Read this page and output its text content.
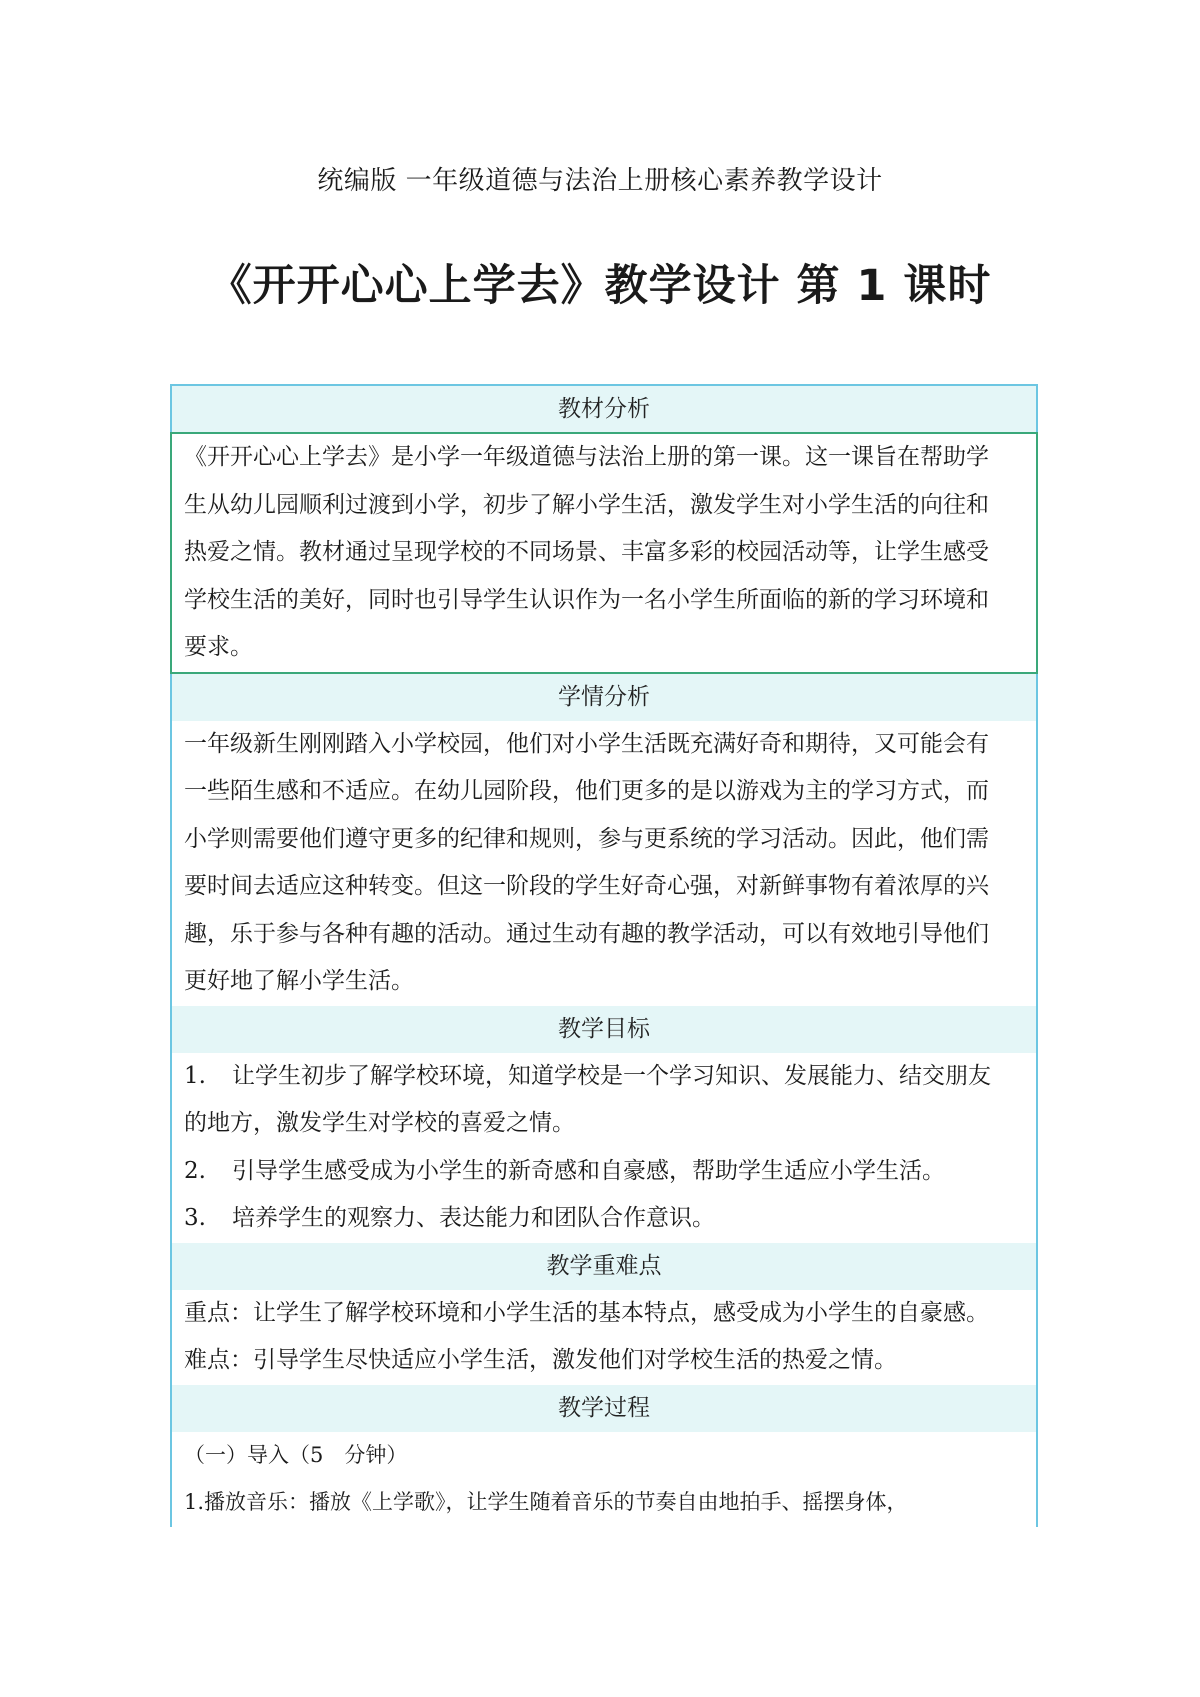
统编版 一年级道德与法治上册核心素养教学设计
《开开心心上学去》教学设计 第 1 课时
教材分析

《开开心心上学去》是小学一年级道德与法治上册的第一课。这一课旨在帮助学

生从幼儿园顺利过渡到小学，初步了解小学生活，激发学生对小学生活的向往和

热爱之情。教材通过呈现学校的不同场景、丰富多彩的校园活动等，让学生感受

学校生活的美好，同时也引导学生认识作为一名小学生所面临的新的学习环境和

要求。

学情分析

一年级新生刚刚踏入小学校园，他们对小学生活既充满好奇和期待，又可能会有

一些陌生感和不适应。在幼儿园阶段，他们更多的是以游戏为主的学习方式，而

小学则需要他们遵守更多的纪律和规则，参与更系统的学习活动。因此，他们需

要时间去适应这种转变。但这一阶段的学生好奇心强，对新鲜事物有着浓厚的兴

趣，乐于参与各种有趣的活动。通过生动有趣的教学活动，可以有效地引导他们

更好地了解小学生活。

教学目标

1. 让学生初步了解学校环境，知道学校是一个学习知识、发展能力、结交朋友

的地方，激发学生对学校的喜爱之情。

2. 引导学生感受成为小学生的新奇感和自豪感，帮助学生适应小学生活。

3. 培养学生的观察力、表达能力和团队合作意识。

教学重难点

重点：让学生了解学校环境和小学生活的基本特点，感受成为小学生的自豪感。

难点：引导学生尽快适应小学生活，激发他们对学校生活的热爱之情。

教学过程

（一）导入（5　分钟）

1.播放音乐：播放《上学歌》，让学生随着音乐的节奏自由地拍手、摇摆身体，
